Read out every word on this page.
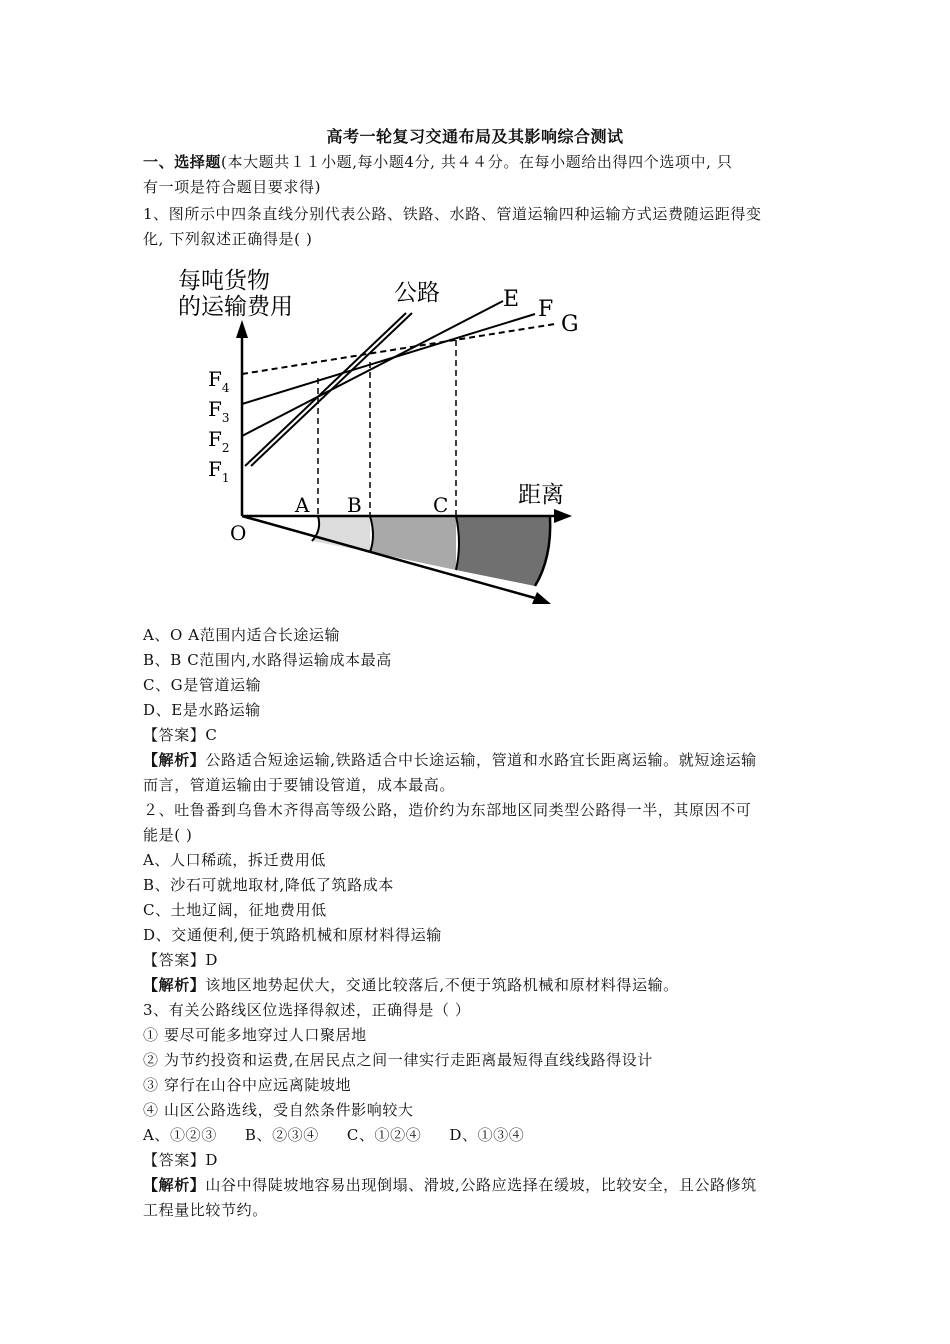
高考一轮复习交通布局及其影响综合测试
一、选择题(本大题共１１小题,每小题4分, 共４４分。在每小题给出得四个选项中, 只
有一项是符合题目要求得)
1、图所示中四条直线分别代表公路、铁路、水路、管道运输四种运输方式运费随运距得变
化, 下列叙述正确得是( )
每吨货物
的运输费用
公路	E F
G
距离
O
A B	C
$F_4$
$F_3$
$F_2$
$F_1$
A、O A范围内适合长途运输
B、B C范围内,水路得运输成本最高
C、G是管道运输
D、E是水路运输
【答案】C
【解析】公路适合短途运输,铁路适合中长途运输，管道和水路宜长距离运输。就短途运输
而言，管道运输由于要铺设管道，成本最高。
２、吐鲁番到乌鲁木齐得高等级公路，造价约为东部地区同类型公路得一半，其原因不可
能是( )
A、人口稀疏，拆迁费用低
B、沙石可就地取材,降低了筑路成本
C、土地辽阔，征地费用低
D、交通便利,便于筑路机械和原材料得运输
【答案】D
【解析】该地区地势起伏大，交通比较落后,不便于筑路机械和原材料得运输。
3、有关公路线区位选择得叙述，正确得是（ ）
① 要尽可能多地穿过人口聚居地
② 为节约投资和运费,在居民点之间一律实行走距离最短得直线线路得设计
③ 穿行在山谷中应远离陡坡地
④ 山区公路选线，受自然条件影响较大
A、①②③ B、②③④ C、①②④ D、①③④
【答案】D
【解析】山谷中得陡坡地容易出现倒塌、滑坡,公路应选择在缓坡，比较安全，且公路修筑
工程量比较节约。
